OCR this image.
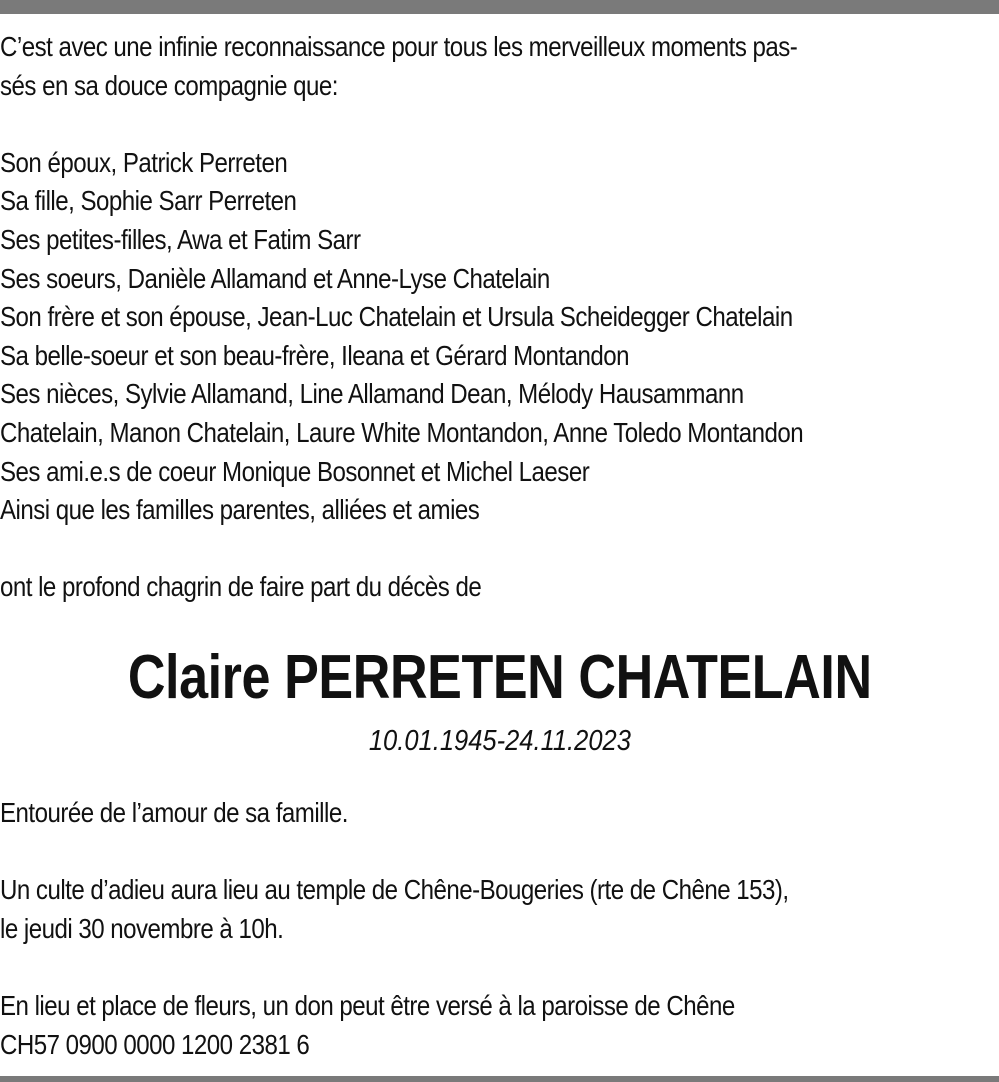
C’est avec une infinie reconnaissance pour tous les merveilleux moments pas-
sés en sa douce compagnie que:
Son époux, Patrick Perreten
Sa fille, Sophie Sarr Perreten
Ses petites-filles, Awa et Fatim Sarr
Ses soeurs, Danièle Allamand et Anne-Lyse Chatelain
Son frère et son épouse, Jean-Luc Chatelain et Ursula Scheidegger Chatelain
Sa belle-soeur et son beau-frère, Ileana et Gérard Montandon
Ses nièces, Sylvie Allamand, Line Allamand Dean, Mélody Hausammann
Chatelain, Manon Chatelain, Laure White Montandon, Anne Toledo Montandon
Ses ami.e.s de coeur Monique Bosonnet et Michel Laeser
Ainsi que les familles parentes, alliées et amies
ont le profond chagrin de faire part du décès de
Claire PERRETEN CHATELAIN
10.01.1945-24.11.2023
Entourée de l’amour de sa famille.
Un culte d’adieu aura lieu au temple de Chêne-Bougeries (rte de Chêne 153),
le jeudi 30 novembre à 10h.
En lieu et place de fleurs, un don peut être versé à la paroisse de Chêne
CH57 0900 0000 1200 2381 6
